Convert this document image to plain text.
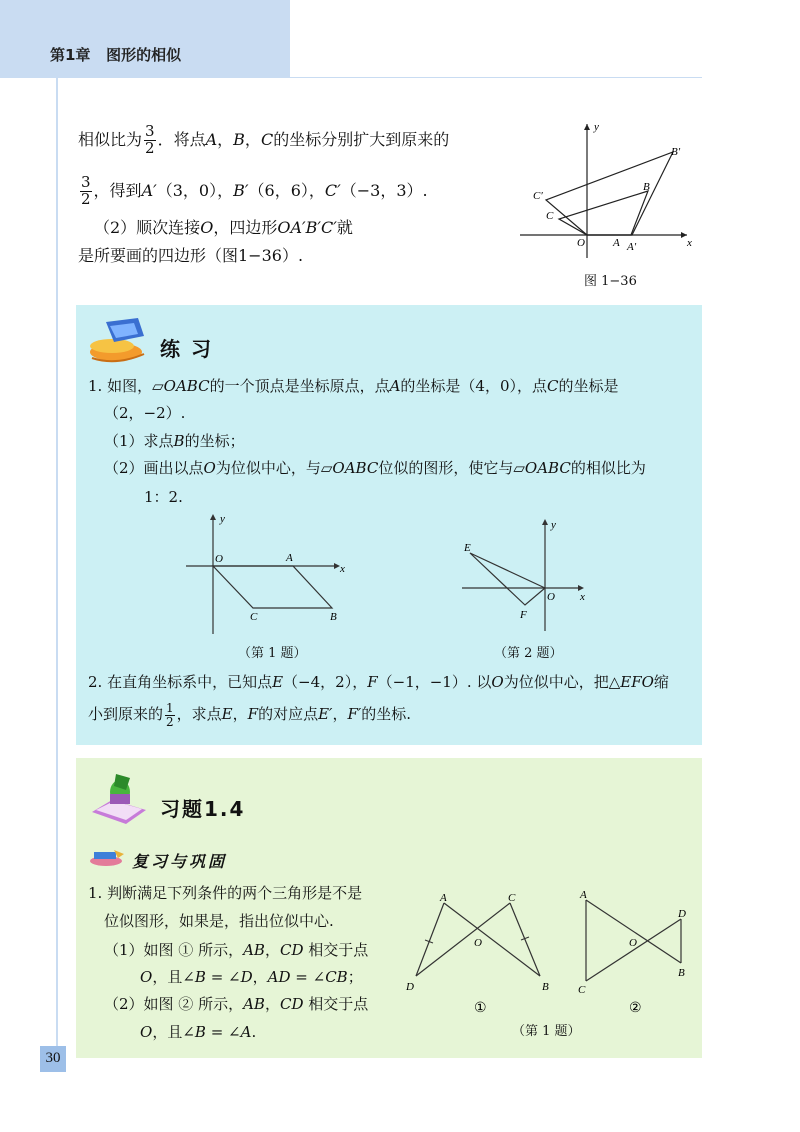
第1章 图形的相似
相似比为 $\frac{3}{2}$ ．将点A，B，C的坐标分别扩大到原来的
$\frac{3}{2}$ ，得到A′（3，0），B′（6，6），C′（−3，3）.
（2）顺次连接O，四边形OA′B′C′就
是所要画的四边形（图1−36）.
y
x
O	A A′
B
B′
C
C′
图 1−36
练 习
1. 如图，▱OABC的一个顶点是坐标原点，点A的坐标是（4，0），点C的坐标是
（2，−2）.
（1）求点B的坐标；
（2）画出以点O为位似中心，与▱OABC位似的图形，使它与▱OABC的相似比为
1：2.
y
x
O	A
B
C
（第 1 题）
y
x
O
E
F
（第 2 题）
2. 在直角坐标系中，已知点E（−4，2），F（−1，−1）. 以O为位似中心，把△EFO缩
小到原来的 $\frac{1}{2}$ ，求点E，F的对应点E′，F′的坐标.
习题1.4
复习与巩固
1. 判断满足下列条件的两个三角形是不是
位似图形，如果是，指出位似中心.
（1）如图 ① 所示，AB，CD 相交于点
O，且∠B = ∠D，AD = ∠CB；
（2）如图 ② 所示，AB，CD 相交于点
O，且∠B = ∠A.
A	C
O
D	B
①
A
C
O
D
B
②
（第 1 题）
30
